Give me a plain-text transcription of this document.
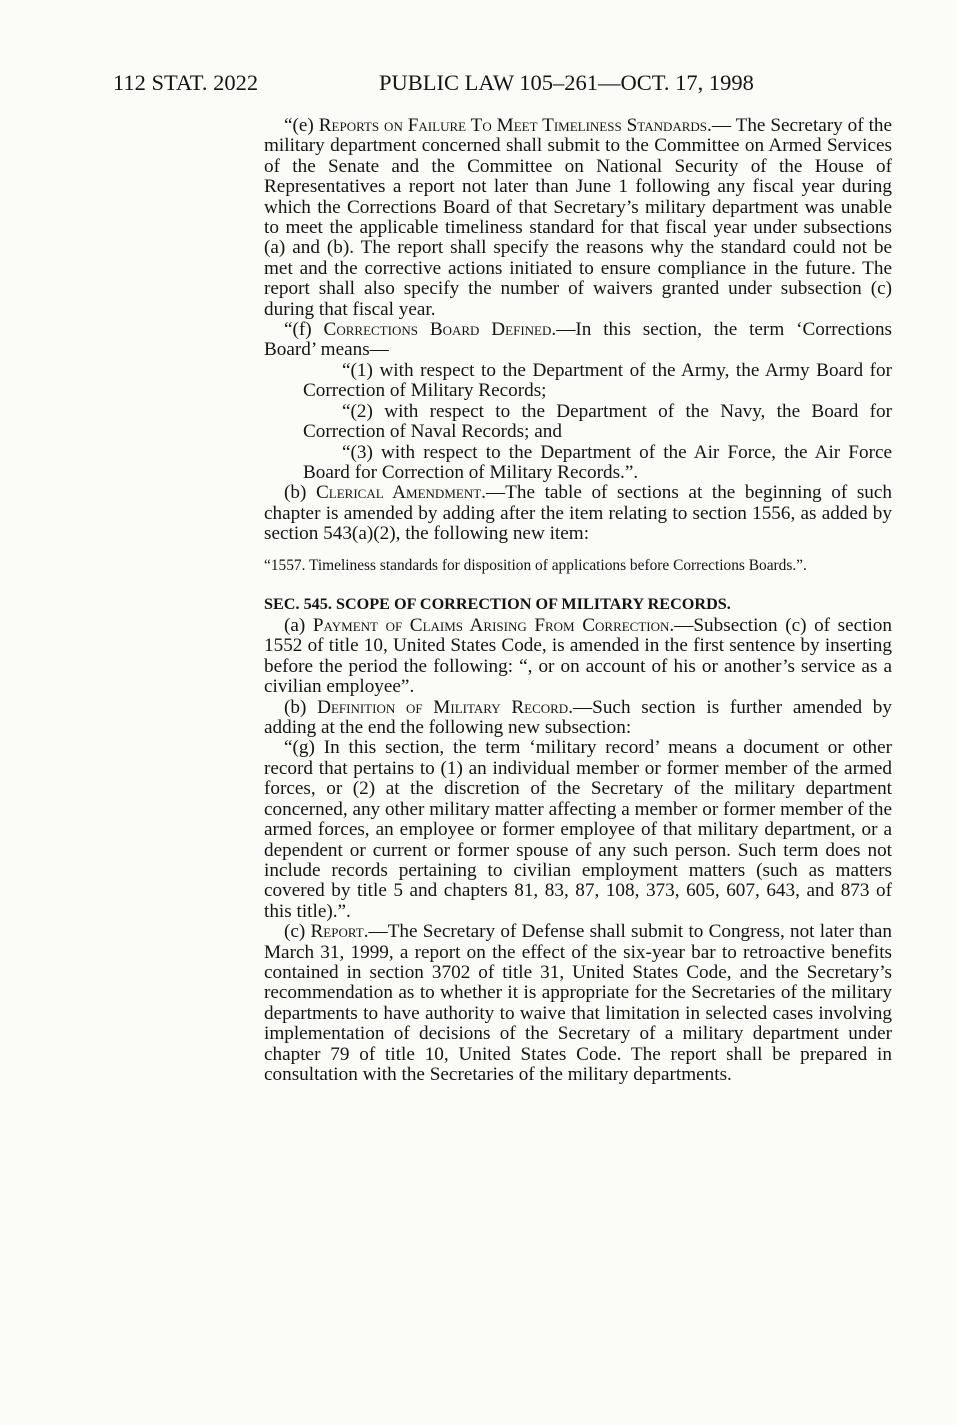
112 STAT. 2022	PUBLIC LAW 105–261—OCT. 17, 1998

“(e) Reports on Failure To Meet Timeliness Standards.— The Secretary of the military department concerned shall submit to the Committee on Armed Services of the Senate and the Committee on National Security of the House of Representatives a report not later than June 1 following any fiscal year during which the Corrections Board of that Secretary’s military department was unable to meet the applicable timeliness standard for that fiscal year under subsections (a) and (b). The report shall specify the reasons why the standard could not be met and the corrective actions initiated to ensure compliance in the future. The report shall also specify the number of waivers granted under subsection (c) during that fiscal year.

“(f) Corrections Board Defined.—In this section, the term ‘Corrections Board’ means—

“(1) with respect to the Department of the Army, the Army Board for Correction of Military Records;

“(2) with respect to the Department of the Navy, the Board for Correction of Naval Records; and

“(3) with respect to the Department of the Air Force, the Air Force Board for Correction of Military Records.”.

(b) Clerical Amendment.—The table of sections at the beginning of such chapter is amended by adding after the item relating to section 1556, as added by section 543(a)(2), the following new item:

“1557. Timeliness standards for disposition of applications before Corrections Boards.”.

SEC. 545. SCOPE OF CORRECTION OF MILITARY RECORDS.

(a) Payment of Claims Arising From Correction.—Subsection (c) of section 1552 of title 10, United States Code, is amended in the first sentence by inserting before the period the following: “, or on account of his or another’s service as a civilian employee”.

(b) Definition of Military Record.—Such section is further amended by adding at the end the following new subsection:

“(g) In this section, the term ‘military record’ means a document or other record that pertains to (1) an individual member or former member of the armed forces, or (2) at the discretion of the Secretary of the military department concerned, any other military matter affecting a member or former member of the armed forces, an employee or former employee of that military department, or a dependent or current or former spouse of any such person. Such term does not include records pertaining to civilian employment matters (such as matters covered by title 5 and chapters 81, 83, 87, 108, 373, 605, 607, 643, and 873 of this title).”.

(c) Report.—The Secretary of Defense shall submit to Congress, not later than March 31, 1999, a report on the effect of the six-year bar to retroactive benefits contained in section 3702 of title 31, United States Code, and the Secretary’s recommendation as to whether it is appropriate for the Secretaries of the military departments to have authority to waive that limitation in selected cases involving implementation of decisions of the Secretary of a military department under chapter 79 of title 10, United States Code. The report shall be prepared in consultation with the Secretaries of the military departments.
